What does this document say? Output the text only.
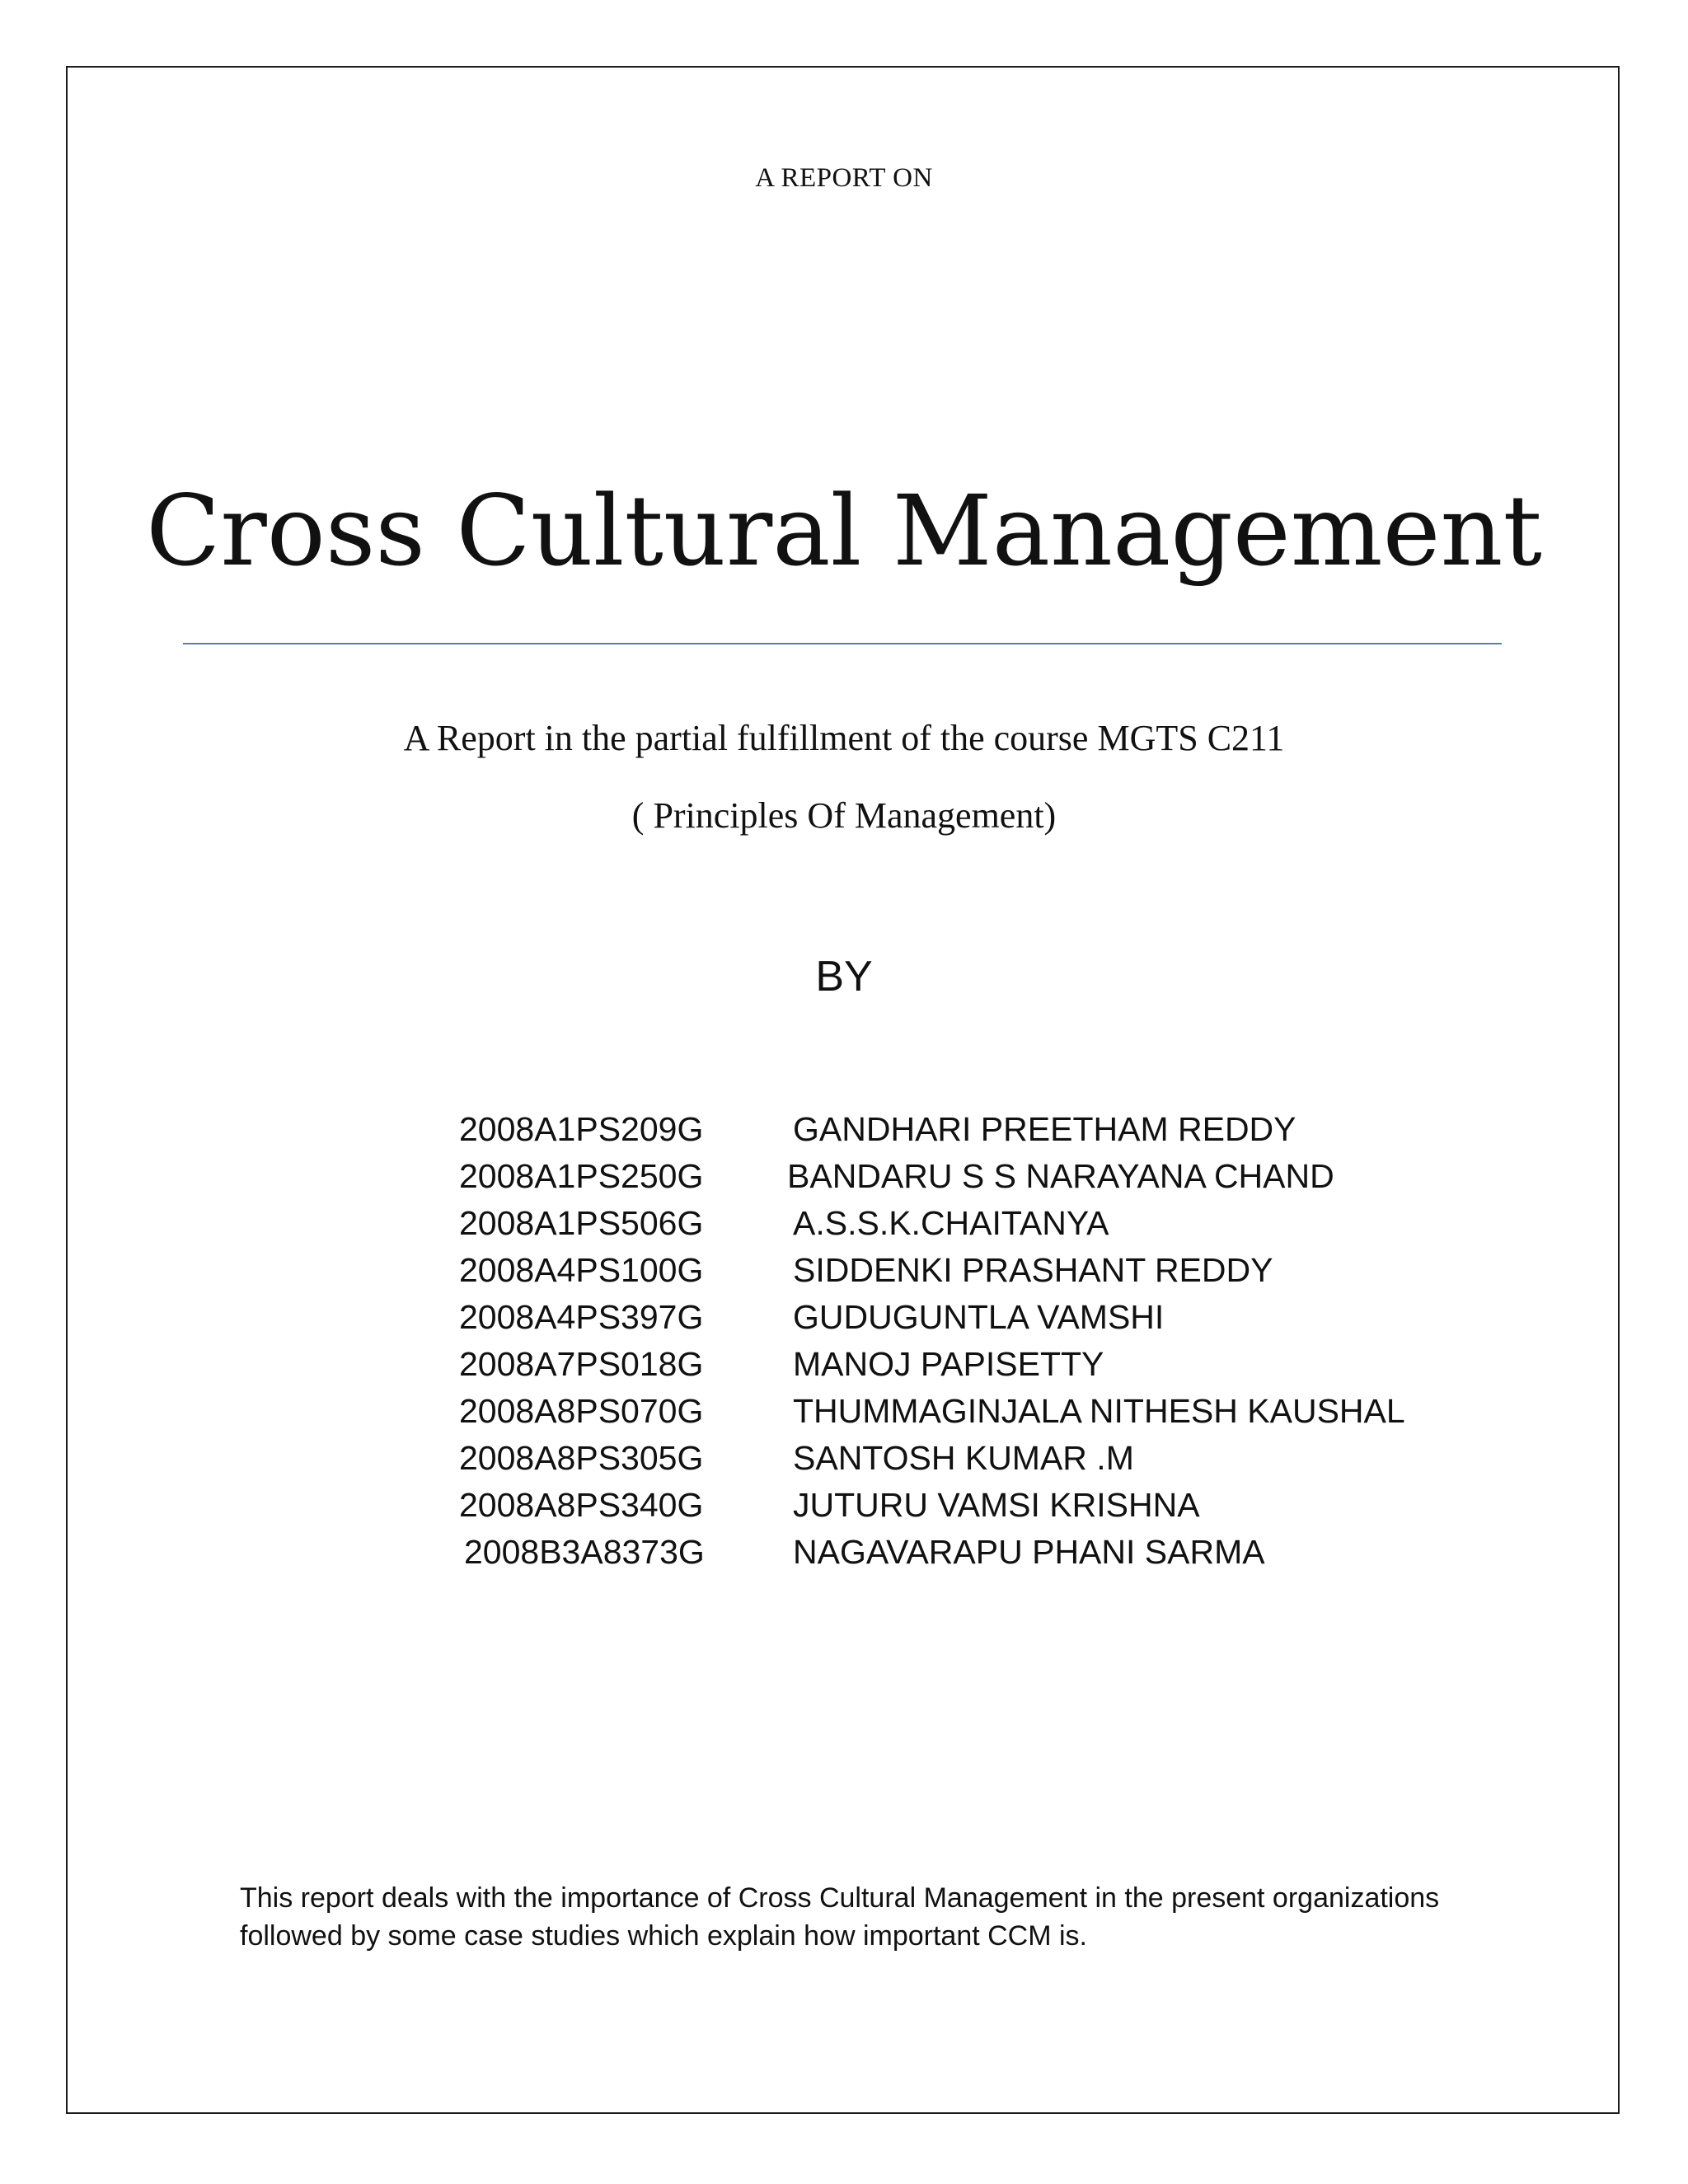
A REPORT ON
Cross Cultural Management
A Report in the partial fulfillment of the course MGTS C211
( Principles Of Management)
BY
2008A1PS209G	GANDHARI PREETHAM REDDY
2008A1PS250G BANDARU S S NARAYANA CHAND
2008A1PS506G	A.S.S.K.CHAITANYA
2008A4PS100G	SIDDENKI PRASHANT REDDY
2008A4PS397G	GUDUGUNTLA VAMSHI
2008A7PS018G	MANOJ PAPISETTY
2008A8PS070G	THUMMAGINJALA NITHESH KAUSHAL
2008A8PS305G	SANTOSH KUMAR .M
2008A8PS340G	JUTURU VAMSI KRISHNA
2008B3A8373G	NAGAVARAPU PHANI SARMA
This report deals with the importance of Cross Cultural Management in the present organizations
followed by some case studies which explain how important CCM is.
